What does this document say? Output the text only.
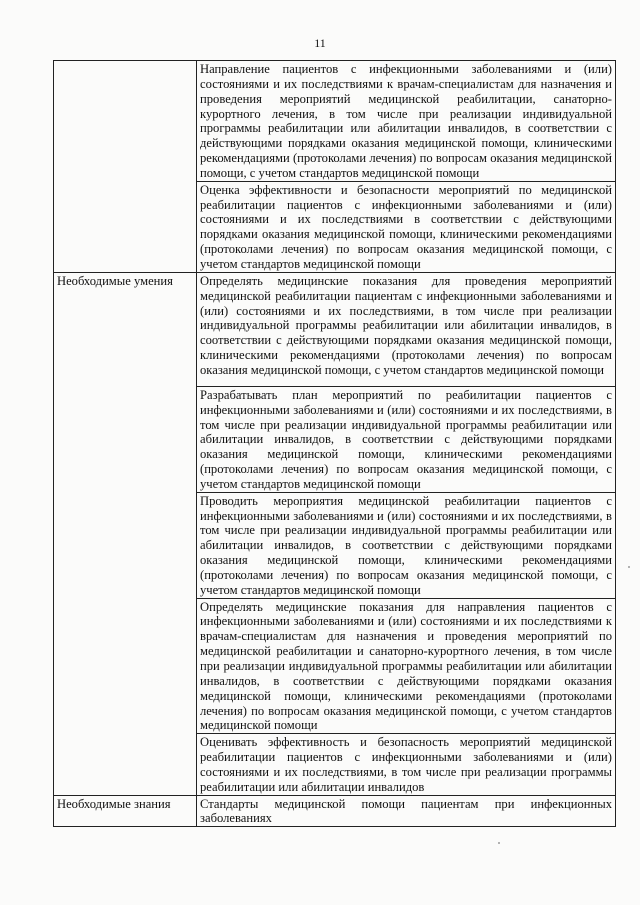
11
	Направление пациентов с инфекционными заболеваниями и (или) состояниями и их последствиями к врачам-специалистам для назначения и проведения мероприятий медицинской реабилитации, санаторно-курортного лечения, в том числе при реализации индивидуальной программы реабилитации или абилитации инвалидов, в соответствии с действующими порядками оказания медицинской помощи, клиническими рекомендациями (протоколами лечения) по вопросам оказания медицинской помощи, с учетом стандартов медицинской помощи
	Оценка эффективности и безопасности мероприятий по медицинской реабилитации пациентов с инфекционными заболеваниями и (или) состояниями и их последствиями в соответствии с действующими порядками оказания медицинской помощи, клиническими рекомендациями (протоколами лечения) по вопросам оказания медицинской помощи, с учетом стандартов медицинской помощи
Необходимые умения	Определять медицинские показания для проведения мероприятий медицинской реабилитации пациентам с инфекционными заболеваниями и (или) состояниями и их последствиями, в том числе при реализации индивидуальной программы реабилитации или абилитации инвалидов, в соответствии с действующими порядками оказания медицинской помощи, клиническими рекомендациями (протоколами лечения) по вопросам оказания медицинской помощи, с учетом стандартов медицинской помощи
	Разрабатывать план мероприятий по реабилитации пациентов с инфекционными заболеваниями и (или) состояниями и их последствиями, в том числе при реализации индивидуальной программы реабилитации или абилитации инвалидов, в соответствии с действующими порядками оказания медицинской помощи, клиническими рекомендациями (протоколами лечения) по вопросам оказания медицинской помощи, с учетом стандартов медицинской помощи
	Проводить мероприятия медицинской реабилитации пациентов с инфекционными заболеваниями и (или) состояниями и их последствиями, в том числе при реализации индивидуальной программы реабилитации или абилитации инвалидов, в соответствии с действующими порядками оказания медицинской помощи, клиническими рекомендациями (протоколами лечения) по вопросам оказания медицинской помощи, с учетом стандартов медицинской помощи
	Определять медицинские показания для направления пациентов с инфекционными заболеваниями и (или) состояниями и их последствиями к врачам-специалистам для назначения и проведения мероприятий по медицинской реабилитации и санаторно-курортного лечения, в том числе при реализации индивидуальной программы реабилитации или абилитации инвалидов, в соответствии с действующими порядками оказания медицинской помощи, клиническими рекомендациями (протоколами лечения) по вопросам оказания медицинской помощи, с учетом стандартов медицинской помощи
	Оценивать эффективность и безопасность мероприятий медицинской реабилитации пациентов с инфекционными заболеваниями и (или) состояниями и их последствиями, в том числе при реализации программы реабилитации или абилитации инвалидов
Необходимые знания	Стандарты медицинской помощи пациентам при инфекционных заболеваниях
